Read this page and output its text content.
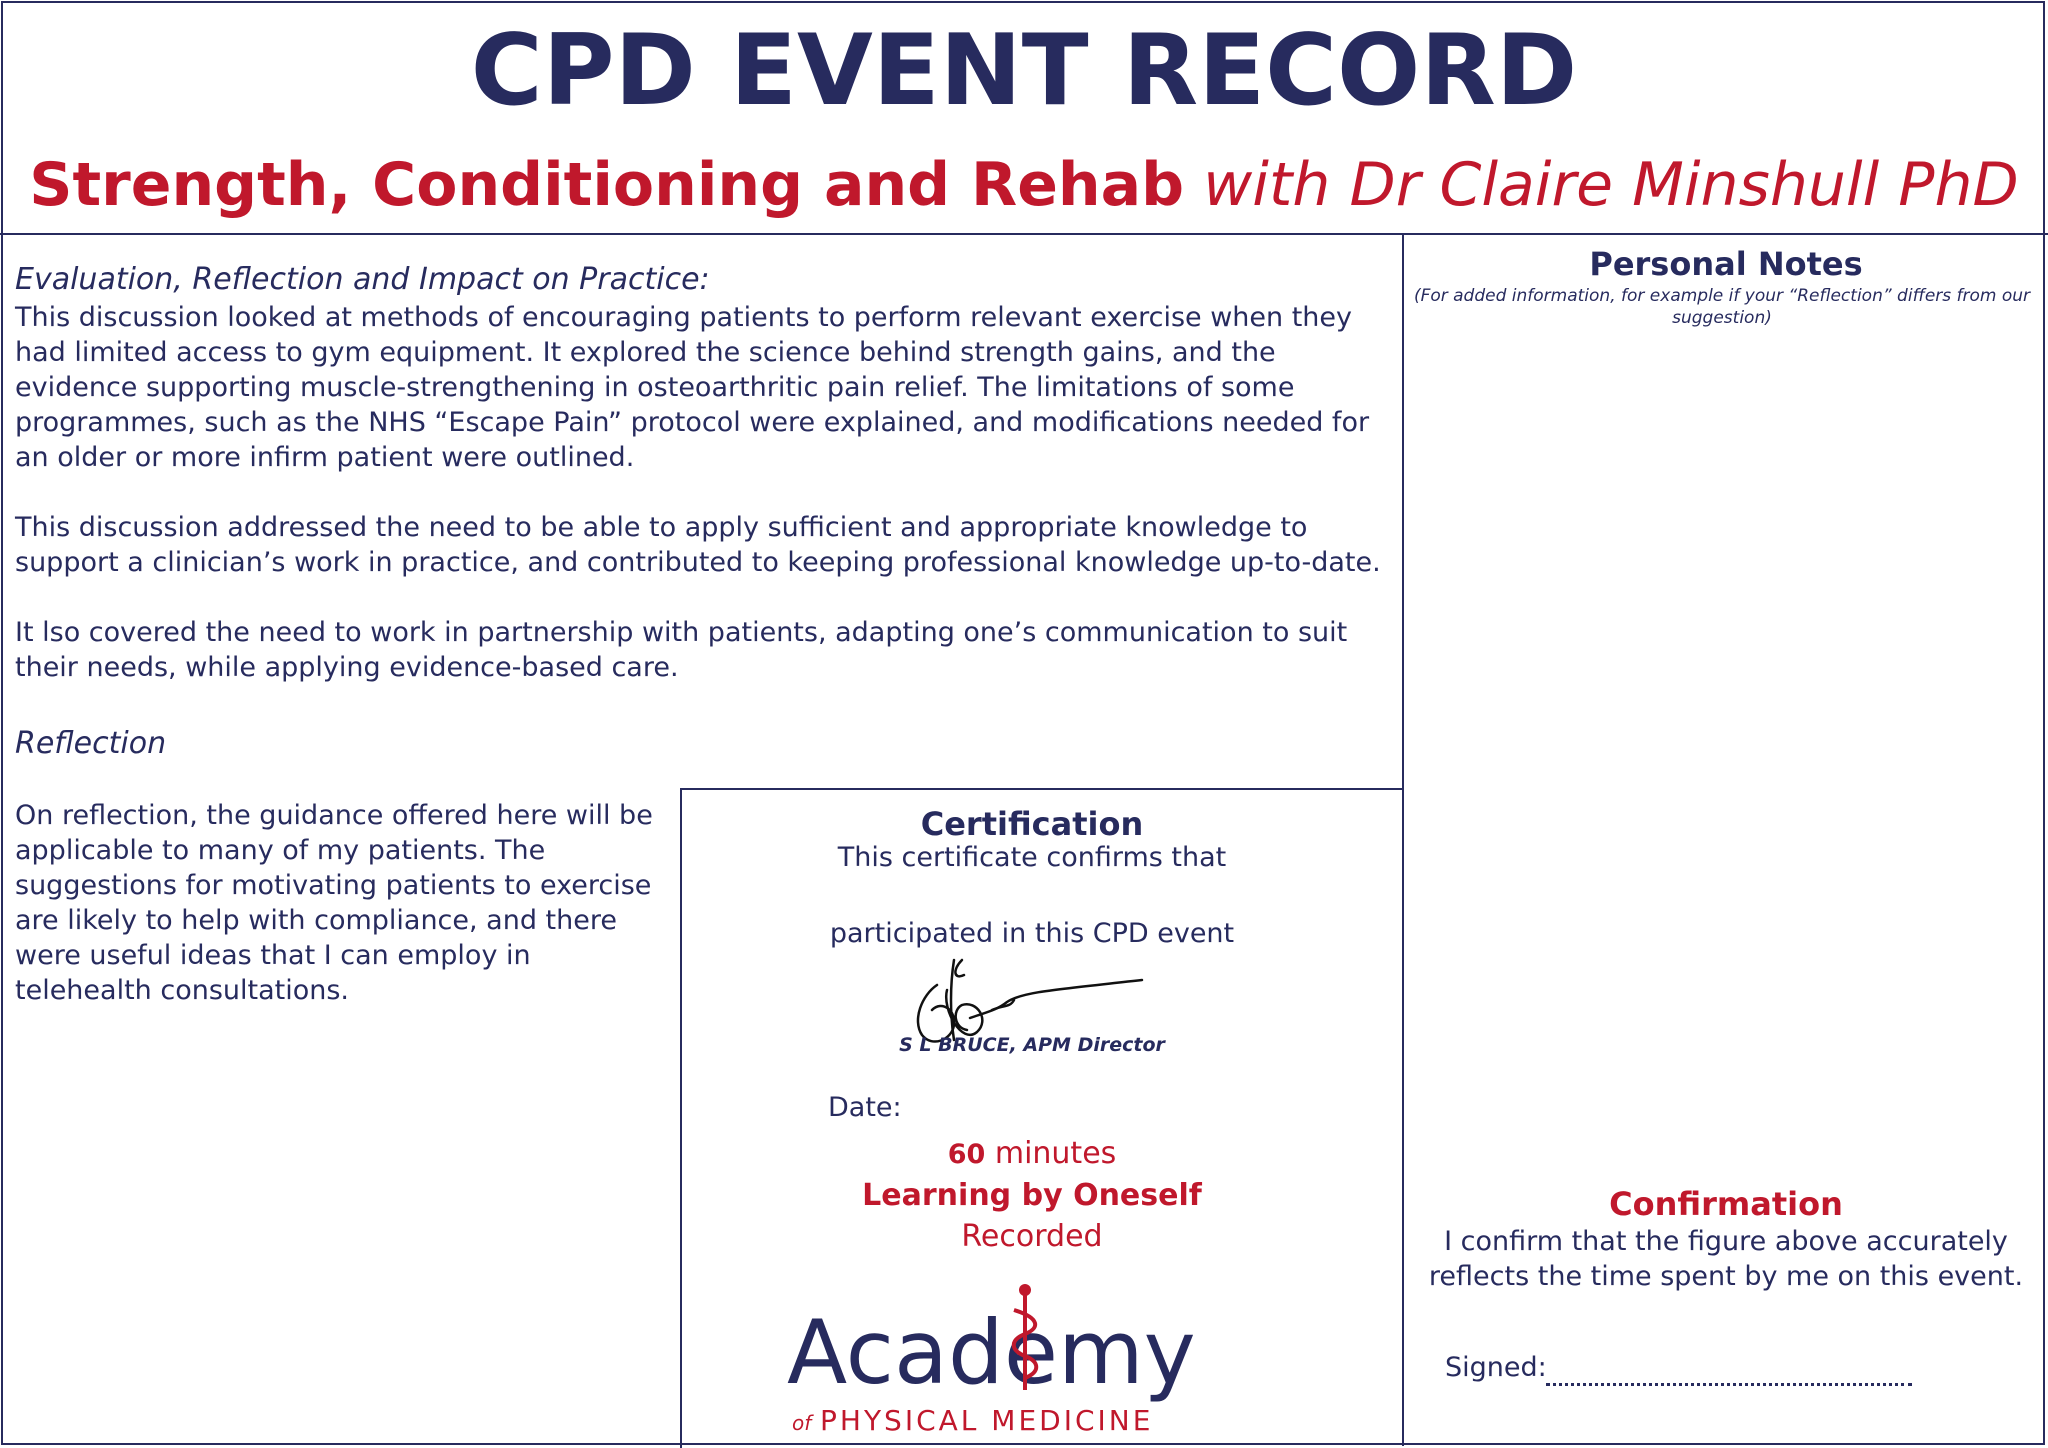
CPD EVENT RECORD
Strength, Conditioning and Rehab with Dr Claire Minshull PhD
Evaluation, Reflection and Impact on Practice:

This discussion looked at methods of encouraging patients to perform relevant exercise when they had limited access to gym equipment. It explored the science behind strength gains, and the evidence supporting muscle-strengthening in osteoarthritic pain relief. The limitations of some programmes, such as the NHS “Escape Pain” protocol were explained, and modifications needed for an older or more infirm patient were outlined.

This discussion addressed the need to be able to apply sufficient and appropriate knowledge to support a clinician’s work in practice, and contributed to keeping professional knowledge up-to-date.

It lso covered the need to work in partnership with patients, adapting one’s communication to suit their needs, while applying evidence-based care.

Reflection

On reflection, the guidance offered here will be applicable to many of my patients. The suggestions for motivating patients to exercise are likely to help with compliance, and there were useful ideas that I can employ in telehealth consultations.

Certification
This certificate confirms that
participated in this CPD event
S L BRUCE, APM Director
Date:
60 minutes
Learning by Oneself
Recorded
Academy
of PHYSICAL MEDICINE
Personal Notes
(For added information, for example if your “Reflection” differs from our suggestion)
Confirmation
I confirm that the figure above accurately reflects the time spent by me on this event.
Signed:
